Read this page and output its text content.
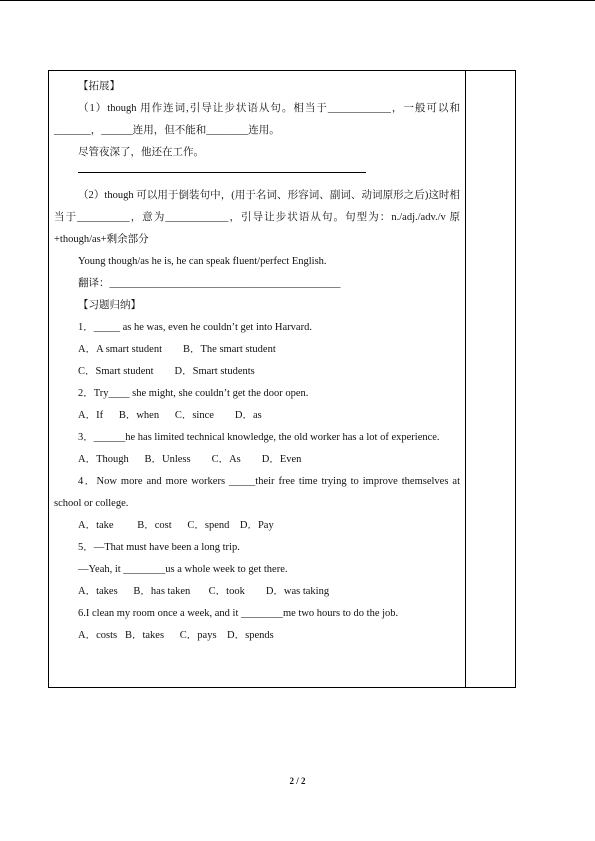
【拓展】

（1）though 用作连词,引导让步状语从句。相当于____________，一般可以和_______，______连用，但不能和________连用。

尽管夜深了，他还在工作。

（2）though 可以用于倒装句中，(用于名词、形容词、副词、动词原形之后)这时相当于__________，意为____________，引导让步状语从句。句型为：n./adj./adv./v 原+though/as+剩余部分

Young though/as he is, he can speak fluent/perfect English.

翻译：____________________________________________

【习题归纳】

1．_____ as he was, even he couldn’t get into Harvard.

A．A smart student        B．The smart student

C．Smart student        D．Smart students

2．Try____ she might, she couldn’t get the door open.

A．If      B．when      C．since        D．as

3．______he has limited technical knowledge, the old worker has a lot of experience.

A．Though      B．Unless        C．As        D．Even

4．Now more and more workers _____their free time trying to improve themselves at school or college.

A．take         B．cost      C．spend    D．Pay

5．—That must have been a long trip.

—Yeah, it ________us a whole week to get there.

A．takes      B．has taken       C．took        D．was taking

6.I clean my room once a week, and it ________me two hours to do the job.

A．costs   B．takes      C．pays    D．spends

2 / 2
